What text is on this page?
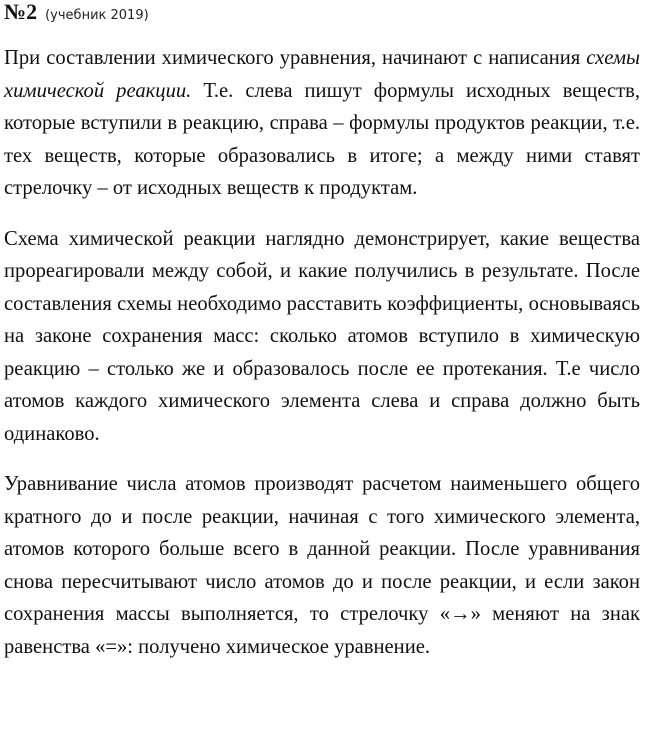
№2 (учебник 2019)

При составлении химического уравнения, начинают с написания схемы химической реакции. Т.е. слева пишут формулы исходных веществ, которые вступили в реакцию, справа – формулы продуктов реакции, т.е. тех веществ, которые образовались в итоге; а между ними ставят стрелочку – от исходных веществ к продуктам.

Схема химической реакции наглядно демонстрирует, какие вещества прореагировали между собой, и какие получились в результате. После составления схемы необходимо расставить коэффициенты, основываясь на законе сохранения масс: сколько атомов вступило в химическую реакцию – столько же и образовалось после ее протекания. Т.е число атомов каждого химического элемента слева и справа должно быть одинаково.

Уравнивание числа атомов производят расчетом наименьшего общего кратного до и после реакции, начиная с того химического элемента, атомов которого больше всего в данной реакции. После уравнивания снова пересчитывают число атомов до и после реакции, и если закон сохранения массы выполняется, то стрелочку «→» меняют на знак равенства «=»: получено химическое уравнение.
